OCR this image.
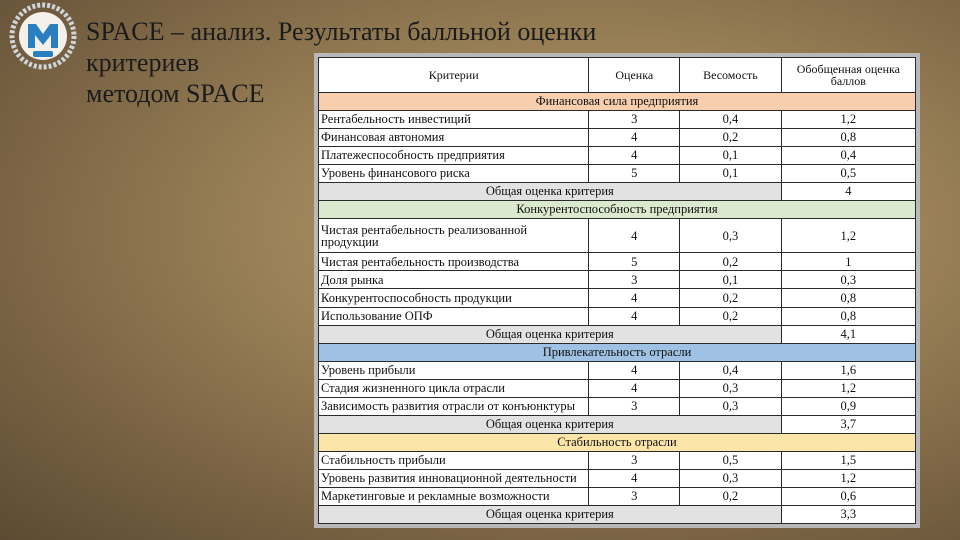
SPACE – анализ. Результаты балльной оценки критериев
методом SPACE
Критерии	Оценка	Весомость	Обобщенная оценка баллов
Финансовая сила предприятия			
Рентабельность инвестиций	3	0,4	1,2
Финансовая автономия	4	0,2	0,8
Платежеспособность предприятия	4	0,1	0,4
Уровень финансового риска	5	0,1	0,5
Общая оценка критерия			4
Конкурентоспособность предприятия			
Чистая рентабельность реализованной продукции	4	0,3	1,2
Чистая рентабельность производства	5	0,2	1
Доля рынка	3	0,1	0,3
Конкурентоспособность продукции	4	0,2	0,8
Использование ОПФ	4	0,2	0,8
Общая оценка критерия			4,1
Привлекательность отрасли			
Уровень прибыли	4	0,4	1,6
Стадия жизненного цикла отрасли	4	0,3	1,2
Зависимость развития отрасли от конъюнктуры	3	0,3	0,9
Общая оценка критерия			3,7
Стабильность отрасли			
Стабильность прибыли	3	0,5	1,5
Уровень развития инновационной деятельности	4	0,3	1,2
Маркетинговые и рекламные возможности	3	0,2	0,6
Общая оценка критерия			3,3
